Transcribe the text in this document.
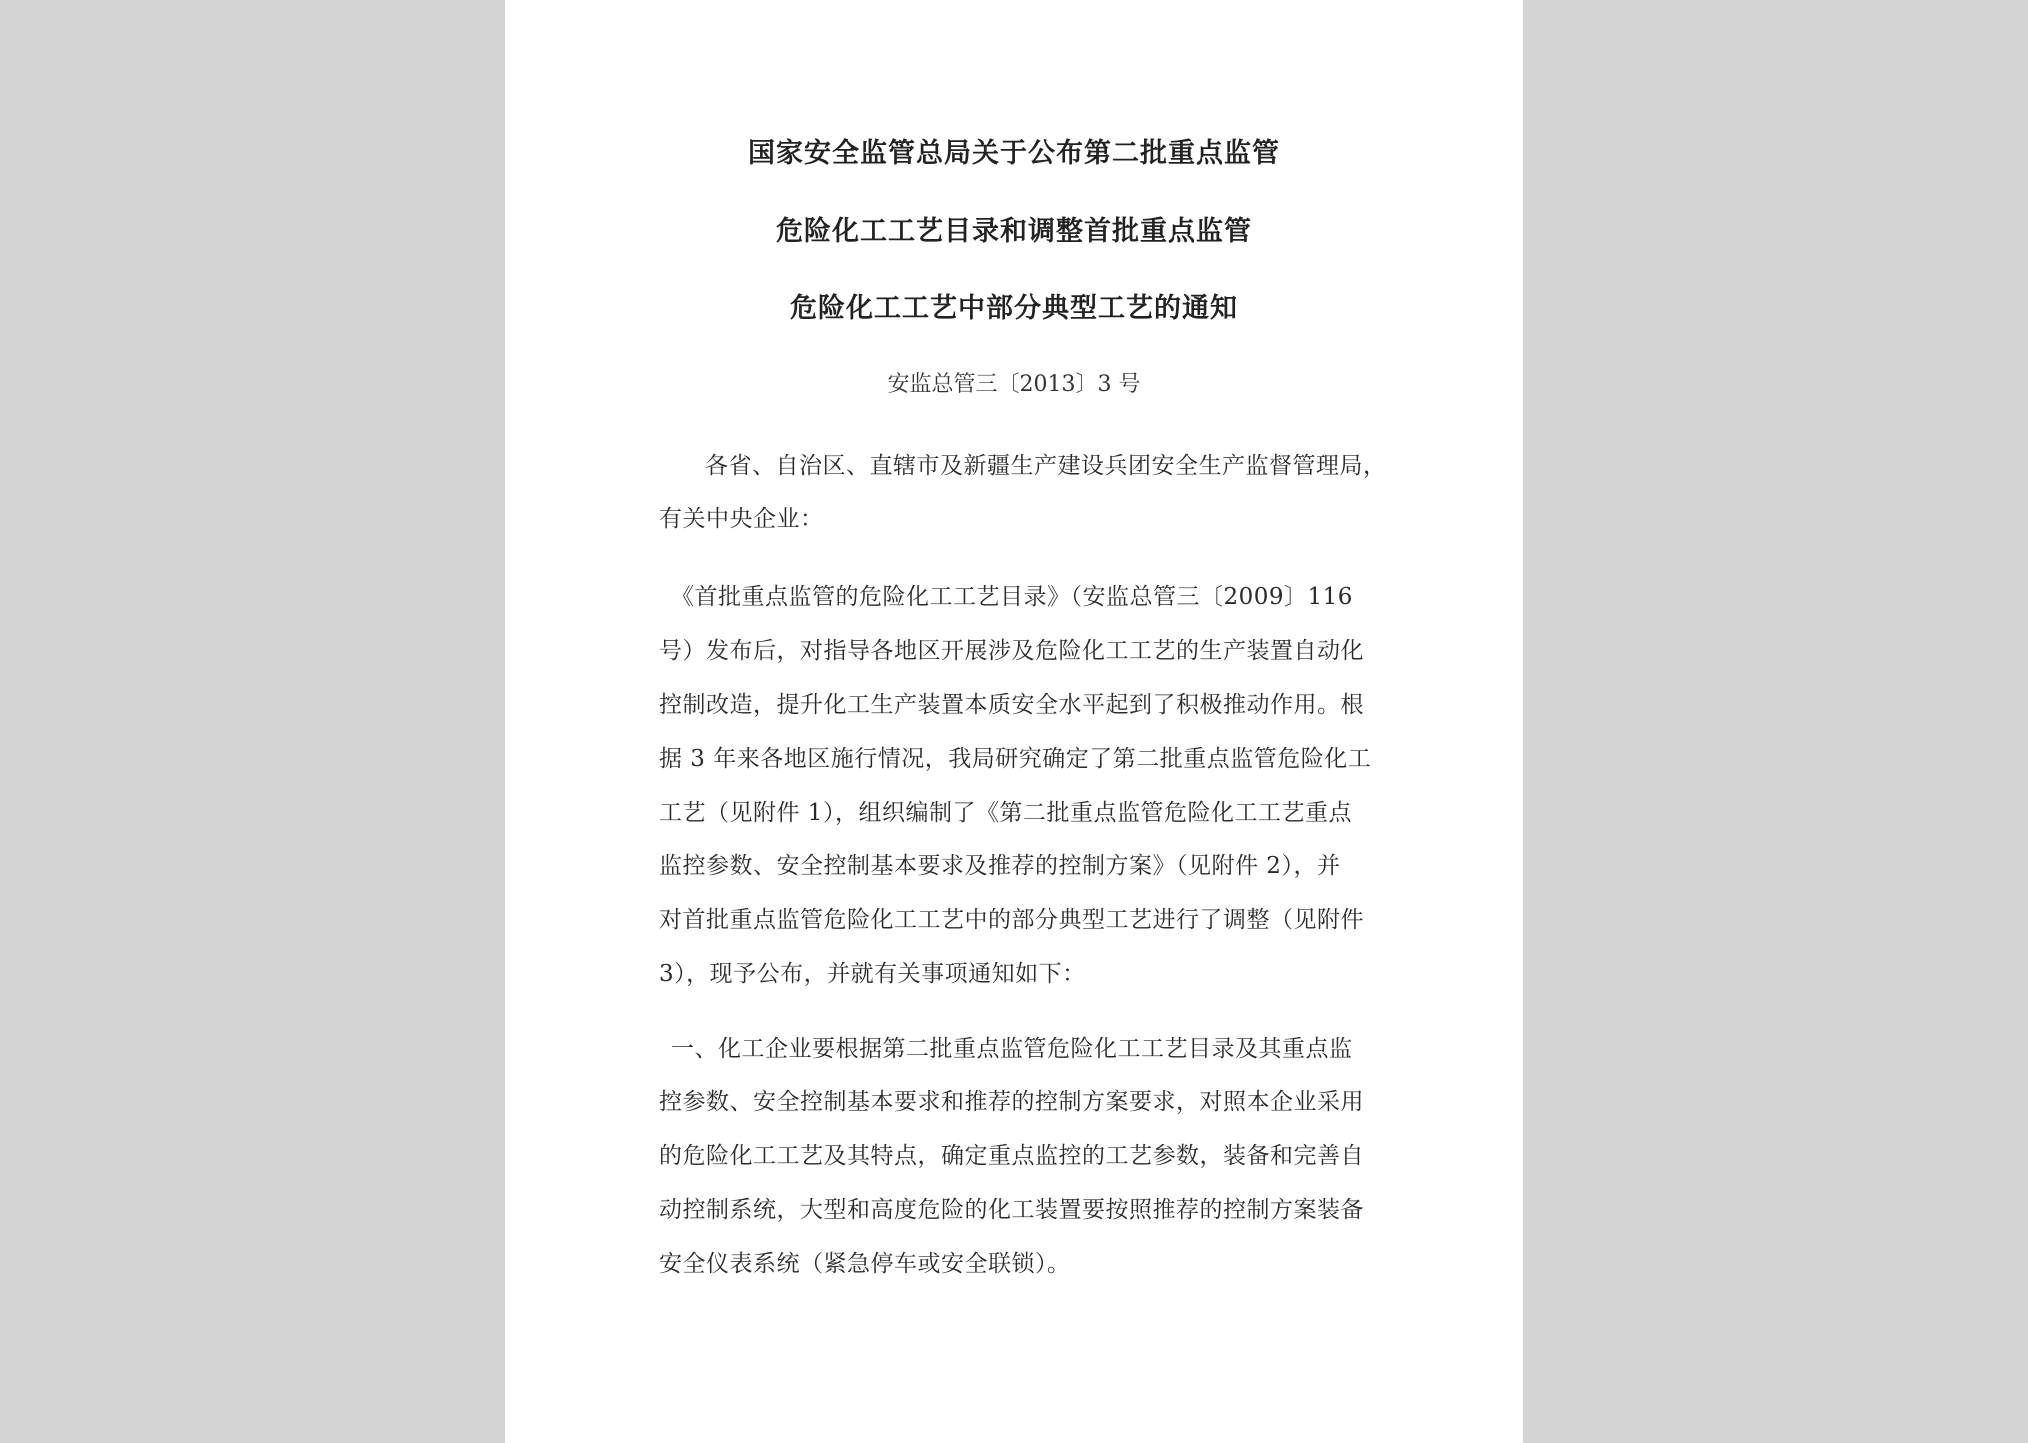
国家安全监管总局关于公布第二批重点监管
危险化工工艺目录和调整首批重点监管
危险化工工艺中部分典型工艺的通知
安监总管三〔2013〕3 号
各省、自治区、直辖市及新疆生产建设兵团安全生产监督管理局，
有关中央企业：
《首批重点监管的危险化工工艺目录》（安监总管三〔2009〕116
号）发布后，对指导各地区开展涉及危险化工工艺的生产装置自动化
控制改造，提升化工生产装置本质安全水平起到了积极推动作用。根
据 3 年来各地区施行情况，我局研究确定了第二批重点监管危险化工
工艺（见附件 1），组织编制了《第二批重点监管危险化工工艺重点
监控参数、安全控制基本要求及推荐的控制方案》（见附件 2），并
对首批重点监管危险化工工艺中的部分典型工艺进行了调整（见附件
3），现予公布，并就有关事项通知如下：
一、化工企业要根据第二批重点监管危险化工工艺目录及其重点监
控参数、安全控制基本要求和推荐的控制方案要求，对照本企业采用
的危险化工工艺及其特点，确定重点监控的工艺参数，装备和完善自
动控制系统，大型和高度危险的化工装置要按照推荐的控制方案装备
安全仪表系统（紧急停车或安全联锁）。
